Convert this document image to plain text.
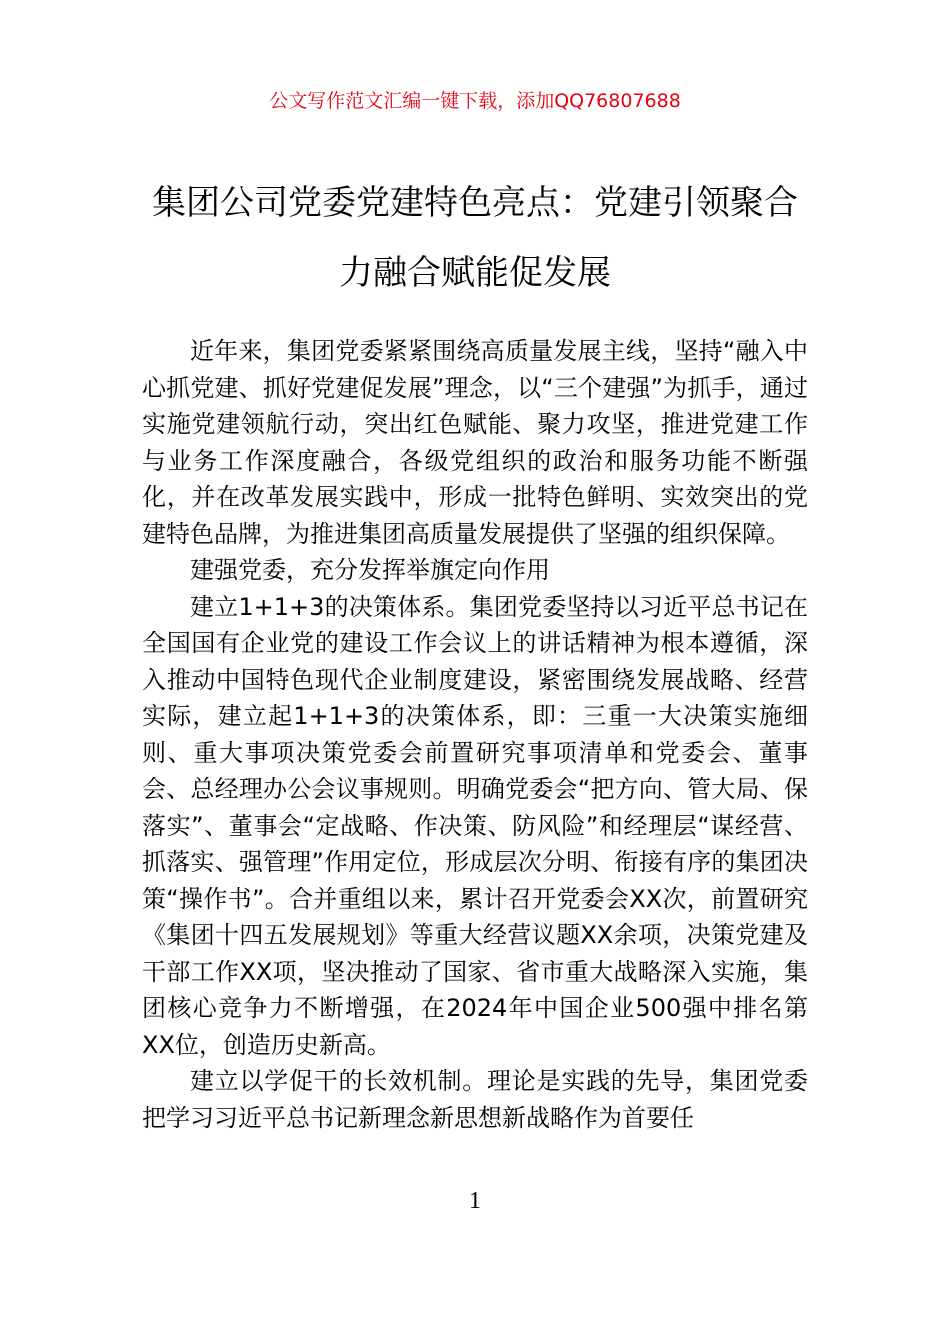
公文写作范文汇编一键下载，添加QQ76807688
集团公司党委党建特色亮点：党建引领聚合力融合赋能促发展

近年来，集团党委紧紧围绕高质量发展主线，坚持“融入中心抓党建、抓好党建促发展”理念，以“三个建强”为抓手，通过实施党建领航行动，突出红色赋能、聚力攻坚，推进党建工作与业务工作深度融合，各级党组织的政治和服务功能不断强化，并在改革发展实践中，形成一批特色鲜明、实效突出的党建特色品牌，为推进集团高质量发展提供了坚强的组织保障。

建强党委，充分发挥举旗定向作用

建立1+1+3的决策体系。集团党委坚持以习近平总书记在全国国有企业党的建设工作会议上的讲话精神为根本遵循，深入推动中国特色现代企业制度建设，紧密围绕发展战略、经营实际，建立起1+1+3的决策体系，即：三重一大决策实施细则、重大事项决策党委会前置研究事项清单和党委会、董事会、总经理办公会议事规则。明确党委会“把方向、管大局、保落实”、董事会“定战略、作决策、防风险”和经理层“谋经营、抓落实、强管理”作用定位，形成层次分明、衔接有序的集团决策“操作书”。合并重组以来，累计召开党委会XX次，前置研究《集团十四五发展规划》等重大经营议题XX余项，决策党建及干部工作XX项，坚决推动了国家、省市重大战略深入实施，集团核心竞争力不断增强，在2024年中国企业500强中排名第XX位，创造历史新高。

建立以学促干的长效机制。理论是实践的先导，集团党委把学习习近平总书记新理念新思想新战略作为首要任

1
